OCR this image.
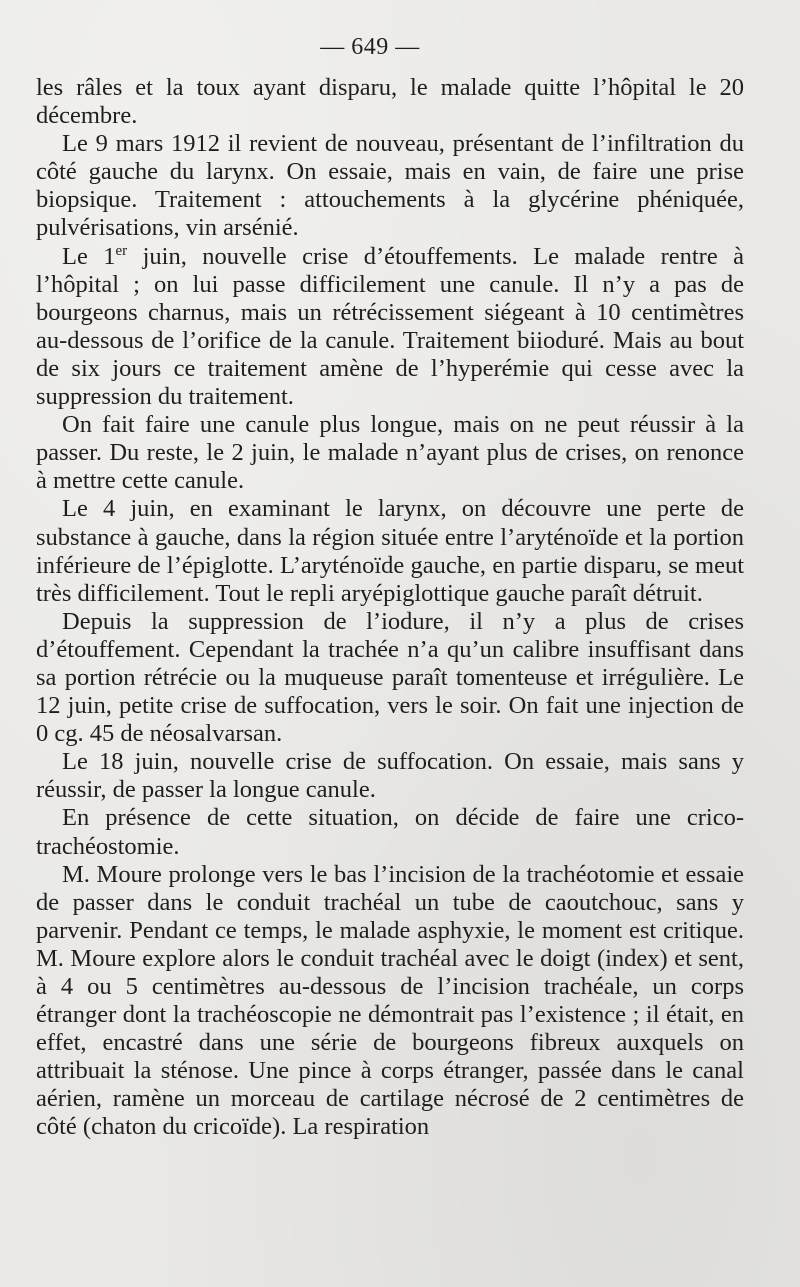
— 649 —

les râles et la toux ayant disparu, le malade quitte l’hôpital le 20 décembre.

Le 9 mars 1912 il revient de nouveau, présentant de l’infiltration du côté gauche du larynx. On essaie, mais en vain, de faire une prise biopsique. Traitement : attouchements à la glycérine phéniquée, pulvérisations, vin arsénié.

Le 1er juin, nouvelle crise d’étouffements. Le malade rentre à l’hôpital ; on lui passe difficilement une canule. Il n’y a pas de bourgeons charnus, mais un rétrécissement siégeant à 10 centimètres au-dessous de l’orifice de la canule. Traitement biioduré. Mais au bout de six jours ce traitement amène de l’hyperémie qui cesse avec la suppression du traitement.

On fait faire une canule plus longue, mais on ne peut réussir à la passer. Du reste, le 2 juin, le malade n’ayant plus de crises, on renonce à mettre cette canule.

Le 4 juin, en examinant le larynx, on découvre une perte de substance à gauche, dans la région située entre l’aryténoïde et la portion inférieure de l’épiglotte. L’aryténoïde gauche, en partie disparu, se meut très difficilement. Tout le repli aryépiglottique gauche paraît détruit.

Depuis la suppression de l’iodure, il n’y a plus de crises d’étouffement. Cependant la trachée n’a qu’un calibre insuffisant dans sa portion rétrécie ou la muqueuse paraît tomenteuse et irrégulière. Le 12 juin, petite crise de suffocation, vers le soir. On fait une injection de 0 cg. 45 de néosalvarsan.

Le 18 juin, nouvelle crise de suffocation. On essaie, mais sans y réussir, de passer la longue canule.

En présence de cette situation, on décide de faire une crico-trachéostomie.

M. Moure prolonge vers le bas l’incision de la trachéotomie et essaie de passer dans le conduit trachéal un tube de caoutchouc, sans y parvenir. Pendant ce temps, le malade asphyxie, le moment est critique. M. Moure explore alors le conduit trachéal avec le doigt (index) et sent, à 4 ou 5 centimètres au-dessous de l’incision trachéale, un corps étranger dont la trachéoscopie ne démontrait pas l’existence ; il était, en effet, encastré dans une série de bourgeons fibreux auxquels on attribuait la sténose. Une pince à corps étranger, passée dans le canal aérien, ramène un morceau de cartilage nécrosé de 2 centimètres de côté (chaton du cricoïde). La respiration
